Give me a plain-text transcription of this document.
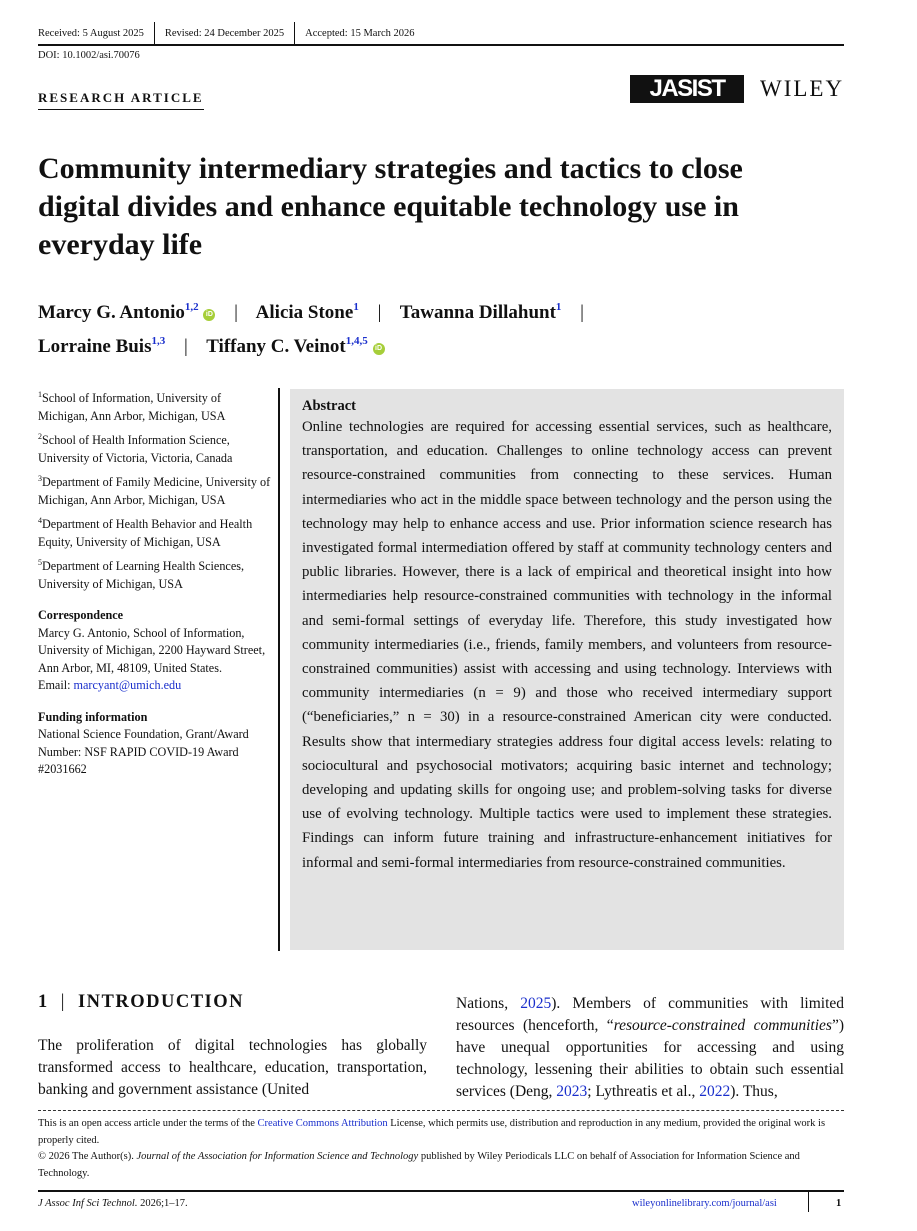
Received: 5 August 2025 Revised: 24 December 2025 Accepted: 15 March 2026
DOI: 10.1002/asi.70076
RESEARCH ARTICLE	JASIST	WILEY
Community intermediary strategies and tactics to close digital divides and enhance equitable technology use in everyday life
Marcy G. Antonio$^{1,2}$ iD | Alicia Stone$^1$ | Tawanna Dillahunt$^1$ |
Lorraine Buis$^{1,3}$ | Tiffany C. Veinot$^{1,4,5}$ iD
$^1$School of Information, University of Michigan, Ann Arbor, Michigan, USA
$^2$School of Health Information Science, University of Victoria, Victoria, Canada
$^3$Department of Family Medicine, University of Michigan, Ann Arbor, Michigan, USA
$^4$Department of Health Behavior and Health Equity, University of Michigan, USA
$^5$Department of Learning Health Sciences, University of Michigan, USA
Correspondence
Marcy G. Antonio, School of Information, University of Michigan, 2200 Hayward Street, Ann Arbor, MI, 48109, United States.
Email: marcyant@umich.edu
Funding information
National Science Foundation, Grant/Award Number: NSF RAPID COVID-19 Award #2031662
Abstract
Online technologies are required for accessing essential services, such as healthcare, transportation, and education. Challenges to online technology access can prevent resource-constrained communities from connecting to these services. Human intermediaries who act in the middle space between technology and the person using the technology may help to enhance access and use. Prior information science research has investigated formal intermediation offered by staff at community technology centers and public libraries. However, there is a lack of empirical and theoretical insight into how intermediaries help resource-constrained communities with technology in the informal and semi-formal settings of everyday life. Therefore, this study investigated how community intermediaries (i.e., friends, family members, and volunteers from resource-constrained communities) assist with accessing and using technology. Interviews with community intermediaries (n = 9) and those who received intermediary support (“beneficiaries,” n = 30) in a resource-constrained American city were conducted. Results show that intermediary strategies address four digital access levels: relating to sociocultural and psychosocial motivators; acquiring basic internet and technology; developing and updating skills for ongoing use; and problem-solving tasks for diverse use of evolving technology. Multiple tactics were used to implement these strategies. Findings can inform future training and infrastructure-enhancement initiatives for informal and semi-formal intermediaries from resource-constrained communities.
1 | INTRODUCTION
The proliferation of digital technologies has globally transformed access to healthcare, education, transportation, banking and government assistance (United
Nations, 2025). Members of communities with limited resources (henceforth, “resource-constrained communities”) have unequal opportunities for accessing and using technology, lessening their abilities to obtain such essential services (Deng, 2023; Lythreatis et al., 2022). Thus,
This is an open access article under the terms of the Creative Commons Attribution License, which permits use, distribution and reproduction in any medium, provided the original work is properly cited.
© 2026 The Author(s). Journal of the Association for Information Science and Technology published by Wiley Periodicals LLC on behalf of Association for Information Science and Technology.
J Assoc Inf Sci Technol. 2026;1–17.	wileyonlinelibrary.com/journal/asi	1
